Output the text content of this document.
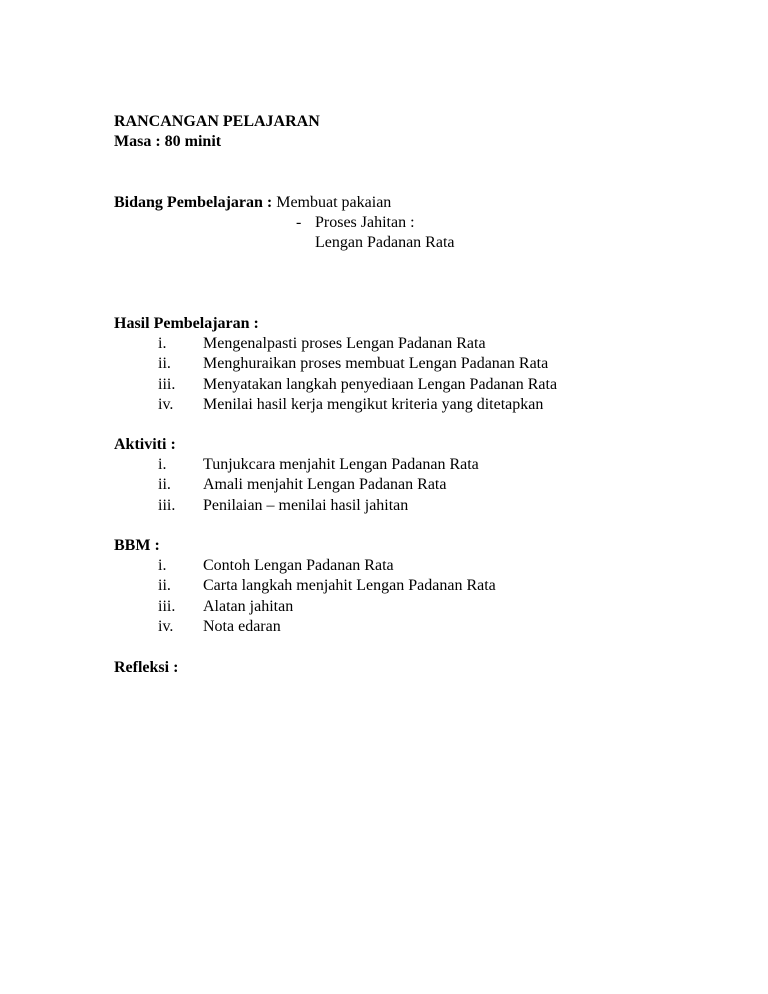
RANCANGAN PELAJARAN
Masa : 80 minit
Bidang Pembelajaran : Membuat pakaian
- Proses Jahitan :
Lengan Padanan Rata
Hasil Pembelajaran :
i. Mengenalpasti proses Lengan Padanan Rata
ii. Menghuraikan proses membuat Lengan Padanan Rata
iii. Menyatakan langkah penyediaan Lengan Padanan Rata
iv. Menilai hasil kerja mengikut kriteria yang ditetapkan
Aktiviti :
i. Tunjukcara menjahit Lengan Padanan Rata
ii. Amali menjahit Lengan Padanan Rata
iii. Penilaian – menilai hasil jahitan
BBM :
i. Contoh Lengan Padanan Rata
ii. Carta langkah menjahit Lengan Padanan Rata
iii. Alatan jahitan
iv. Nota edaran
Refleksi :
